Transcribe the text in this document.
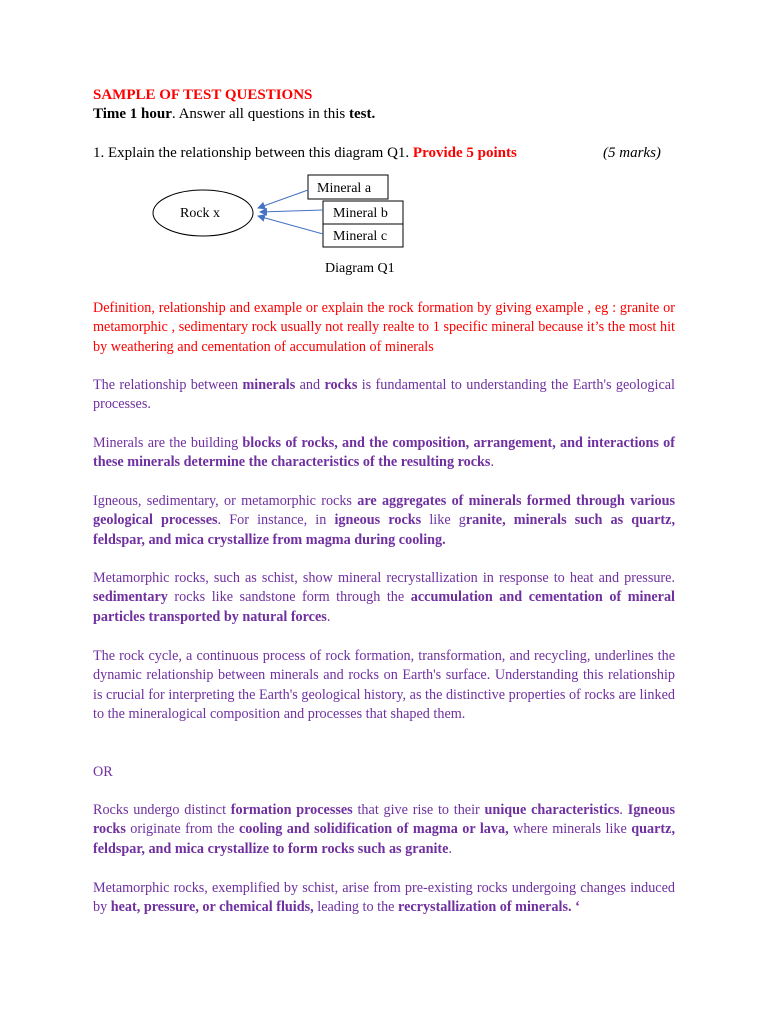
SAMPLE OF TEST QUESTIONS

Time 1 hour. Answer all questions in this test.

1. Explain the relationship between this diagram Q1. Provide 5 points	(5 marks)

Rock x
Mineral a
Mineral b
Mineral c

Diagram Q1

Definition, relationship and example or explain the rock formation by giving example , eg : granite or metamorphic , sedimentary rock usually not really realte to 1 specific mineral because it’s the most hit by weathering and cementation of accumulation of minerals

The relationship between minerals and rocks is fundamental to understanding the Earth's geological processes.

Minerals are the building blocks of rocks, and the composition, arrangement, and interactions of these minerals determine the characteristics of the resulting rocks.

Igneous, sedimentary, or metamorphic rocks are aggregates of minerals formed through various geological processes. For instance, in igneous rocks like granite, minerals such as quartz, feldspar, and mica crystallize from magma during cooling.

Metamorphic rocks, such as schist, show mineral recrystallization in response to heat and pressure. sedimentary rocks like sandstone form through the accumulation and cementation of mineral particles transported by natural forces.

The rock cycle, a continuous process of rock formation, transformation, and recycling, underlines the dynamic relationship between minerals and rocks on Earth's surface. Understanding this relationship is crucial for interpreting the Earth's geological history, as the distinctive properties of rocks are linked to the mineralogical composition and processes that shaped them.

OR

Rocks undergo distinct formation processes that give rise to their unique characteristics. Igneous rocks originate from the cooling and solidification of magma or lava, where minerals like quartz, feldspar, and mica crystallize to form rocks such as granite.

Metamorphic rocks, exemplified by schist, arise from pre-existing rocks undergoing changes induced by heat, pressure, or chemical fluids, leading to the recrystallization of minerals. ‘
